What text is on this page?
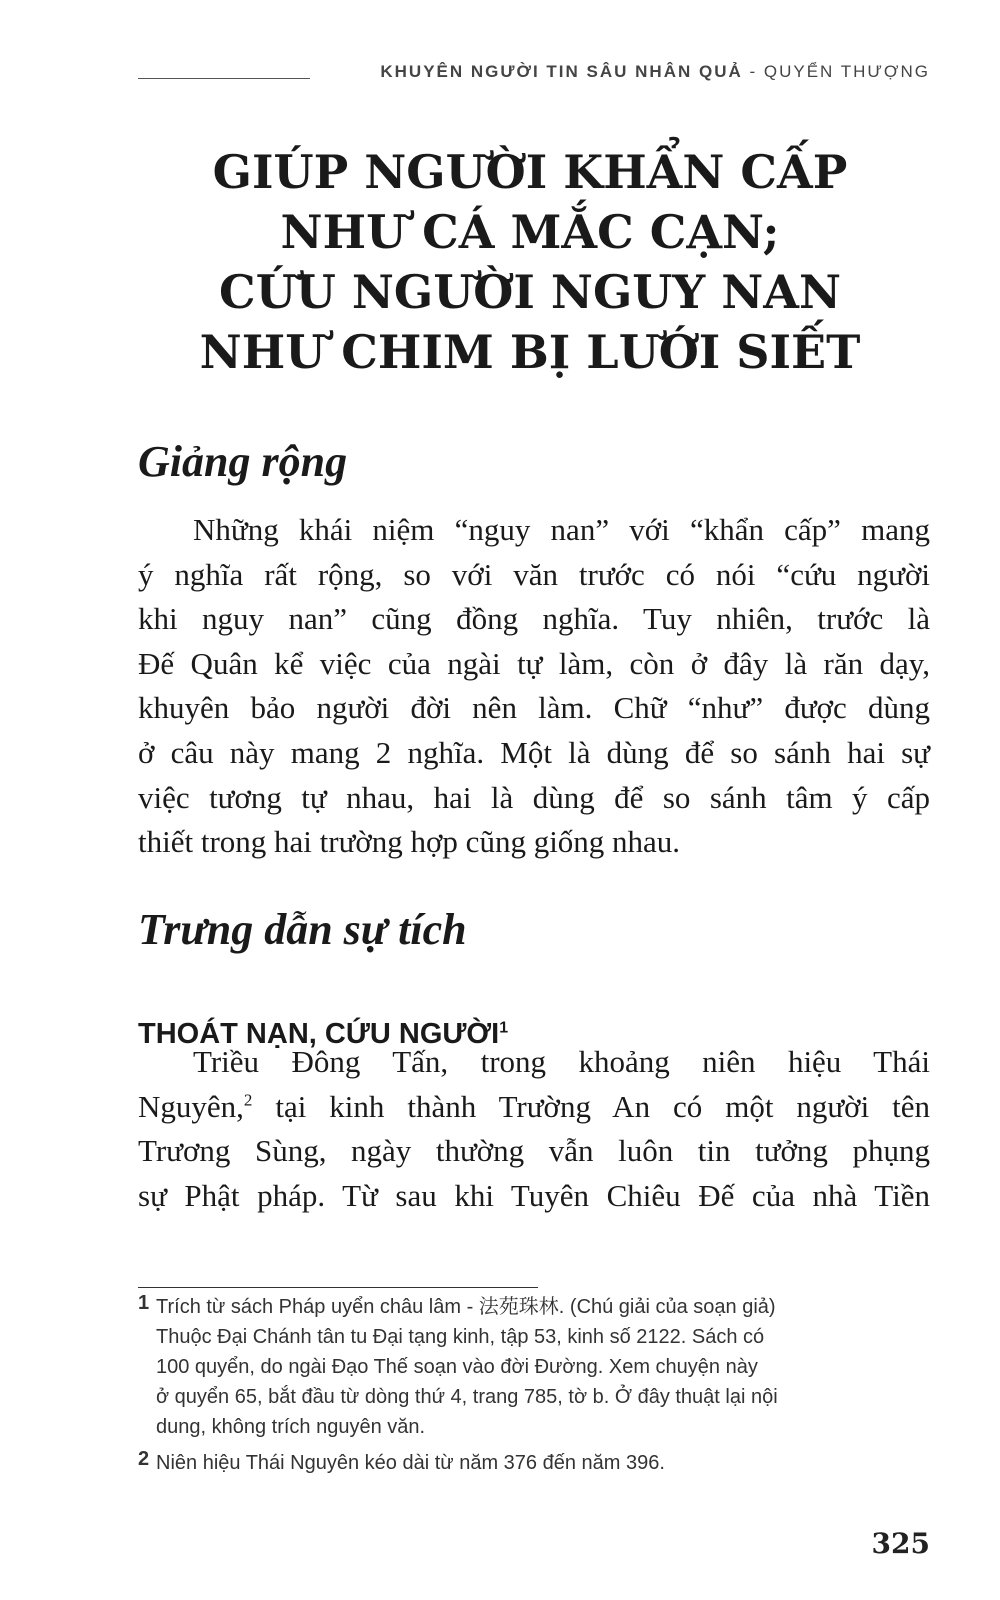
KHUYÊN NGƯỜI TIN SÂU NHÂN QUẢ - QUYỂN THƯỢNG
GIÚP NGƯỜI KHẨN CẤP
NHƯ CÁ MẮC CẠN;
CỨU NGƯỜI NGUY NAN
NHƯ CHIM BỊ LƯỚI SIẾT
Giảng rộng

Những khái niệm “nguy nan” với “khẩn cấp” mang
ý nghĩa rất rộng, so với văn trước có nói “cứu người
khi nguy nan” cũng đồng nghĩa. Tuy nhiên, trước là
Đế Quân kể việc của ngài tự làm, còn ở đây là răn dạy,
khuyên bảo người đời nên làm. Chữ “như” được dùng
ở câu này mang 2 nghĩa. Một là dùng để so sánh hai sự
việc tương tự nhau, hai là dùng để so sánh tâm ý cấp
thiết trong hai trường hợp cũng giống nhau.

Trưng dẫn sự tích
THOÁT NẠN, CỨU NGƯỜI$^1$

Triều Đông Tấn, trong khoảng niên hiệu Thái
Nguyên,$^2$ tại kinh thành Trường An có một người tên
Trương Sùng, ngày thường vẫn luôn tin tưởng phụng
sự Phật pháp. Từ sau khi Tuyên Chiêu Đế của nhà Tiền

1 Trích từ sách Pháp uyển châu lâm - 法苑珠林. (Chú giải của soạn giả)
Thuộc Đại Chánh tân tu Đại tạng kinh, tập 53, kinh số 2122. Sách có
100 quyển, do ngài Đạo Thế soạn vào đời Đường. Xem chuyện này
ở quyển 65, bắt đầu từ dòng thứ 4, trang 785, tờ b. Ở đây thuật lại nội
dung, không trích nguyên văn.
2 Niên hiệu Thái Nguyên kéo dài từ năm 376 đến năm 396.
325
